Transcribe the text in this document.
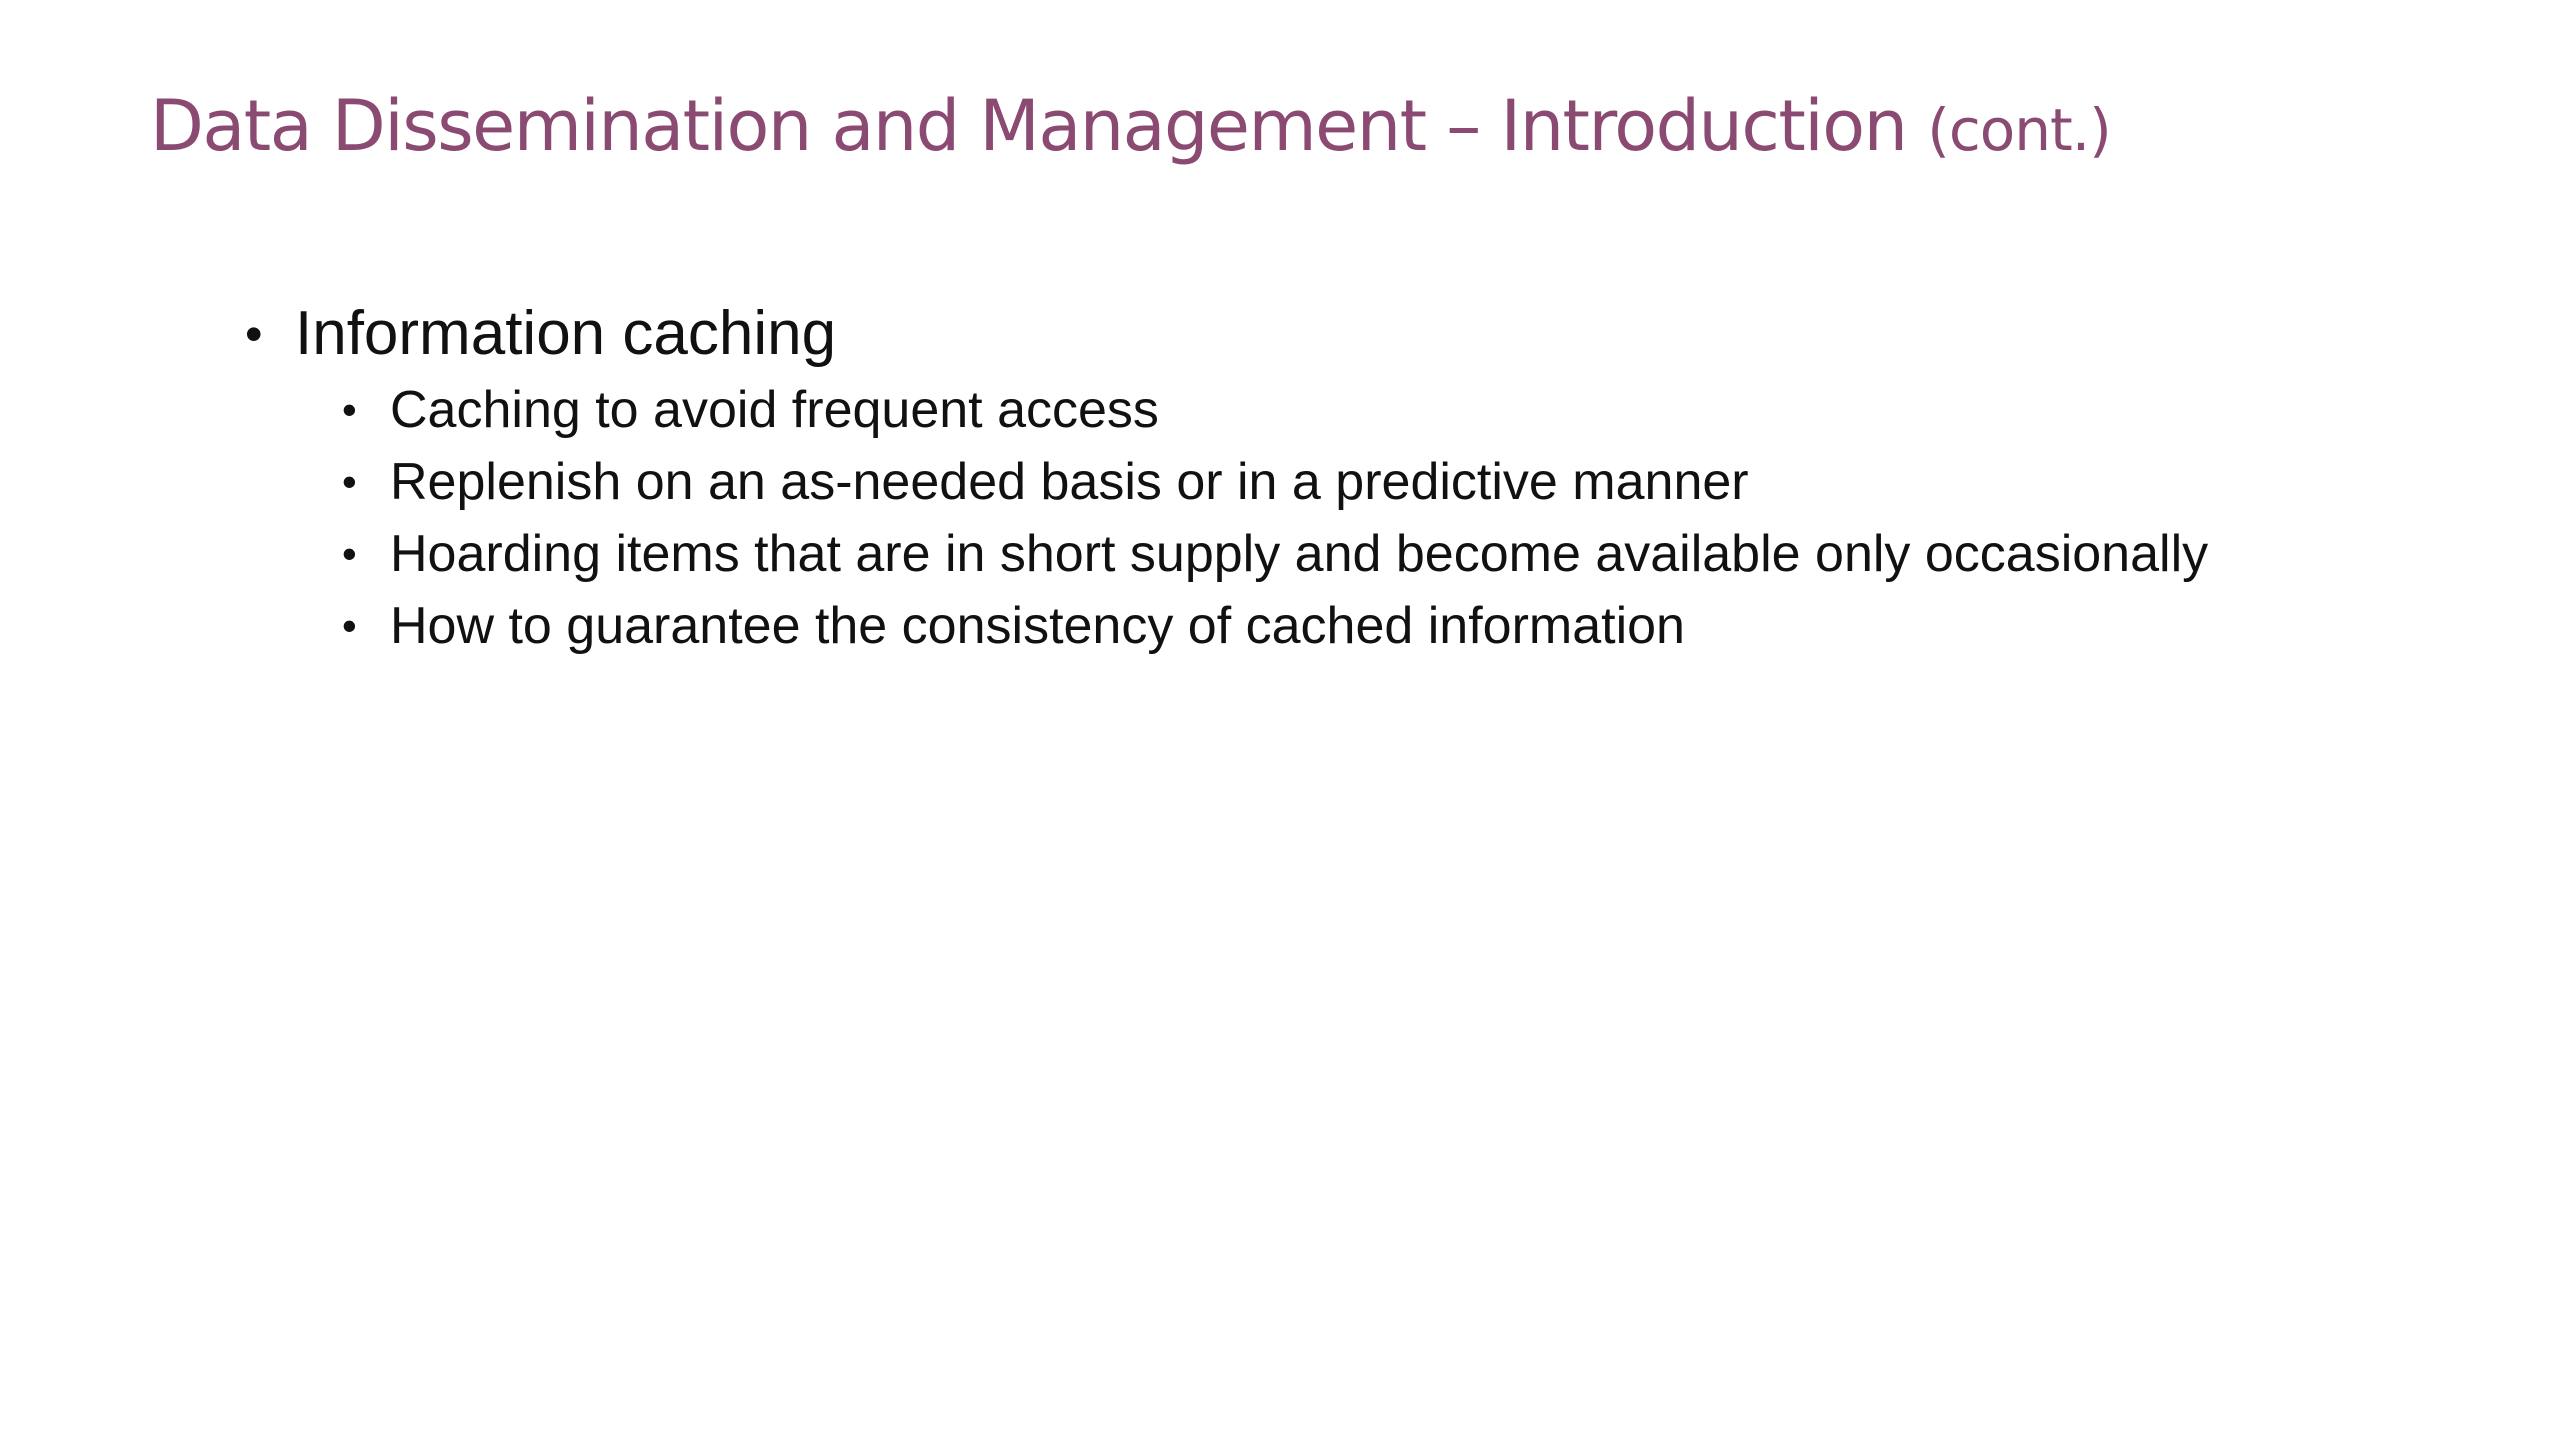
Data Dissemination and Management – Introduction (cont.)
• Information caching
• Caching to avoid frequent access
• Replenish on an as-needed basis or in a predictive manner
• Hoarding items that are in short supply and become available only occasionally
• How to guarantee the consistency of cached information
